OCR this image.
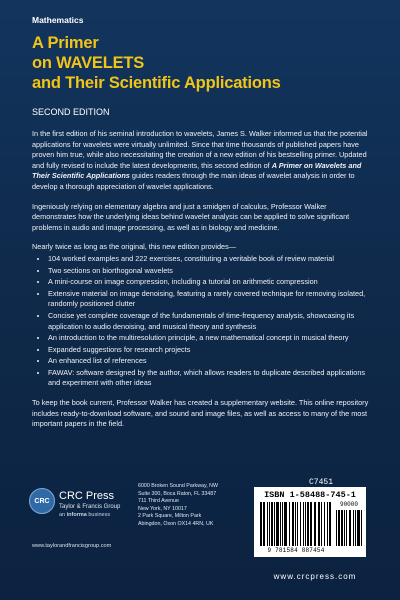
Mathematics
A Primer
on WAVELETS
and Their Scientific Applications
SECOND EDITION

In the first edition of his seminal introduction to wavelets, James S. Walker informed us that the potential applications for wavelets were virtually unlimited. Since that time thousands of published papers have proven him true, while also necessitating the creation of a new edition of his bestselling primer. Updated and fully revised to include the latest developments, this second edition of A Primer on Wavelets and Their Scientific Applications guides readers through the main ideas of wavelet analysis in order to develop a thorough appreciation of wavelet applications.

Ingeniously relying on elementary algebra and just a smidgen of calculus, Professor Walker demonstrates how the underlying ideas behind wavelet analysis can be applied to solve significant problems in audio and image processing, as well as in biology and medicine.

Nearly twice as long as the original, this new edition provides—
• 104 worked examples and 222 exercises, constituting a veritable book of review material
• Two sections on biorthogonal wavelets
• A mini-course on image compression, including a tutorial on arithmetic compression
• Extensive material on image denoising, featuring a rarely covered technique for removing isolated, randomly positioned clutter
• Concise yet complete coverage of the fundamentals of time-frequency analysis, showcasing its application to audio denoising, and musical theory and synthesis
• An introduction to the multiresolution principle, a new mathematical concept in musical theory
• Expanded suggestions for research projects
• An enhanced list of references
• FAWAV: software designed by the author, which allows readers to duplicate described applications and experiment with other ideas

To keep the book current, Professor Walker has created a supplementary website. This online repository includes ready-to-download software, and sound and image files, as well as access to many of the most important papers in the field.

C7451
CRC CRC Press
Taylor & Francis Group
an informa business
www.taylorandfrancisgroup.com
6000 Broken Sound Parkway, NW
Suite 300, Boca Raton, FL 33487
711 Third Avenue
New York, NY 10017
2 Park Square, Milton Park
Abingdon, Oxon OX14 4RN, UK
ISBN 1-58488-745-1
90000
9 781584 887454
www.crcpress.com
